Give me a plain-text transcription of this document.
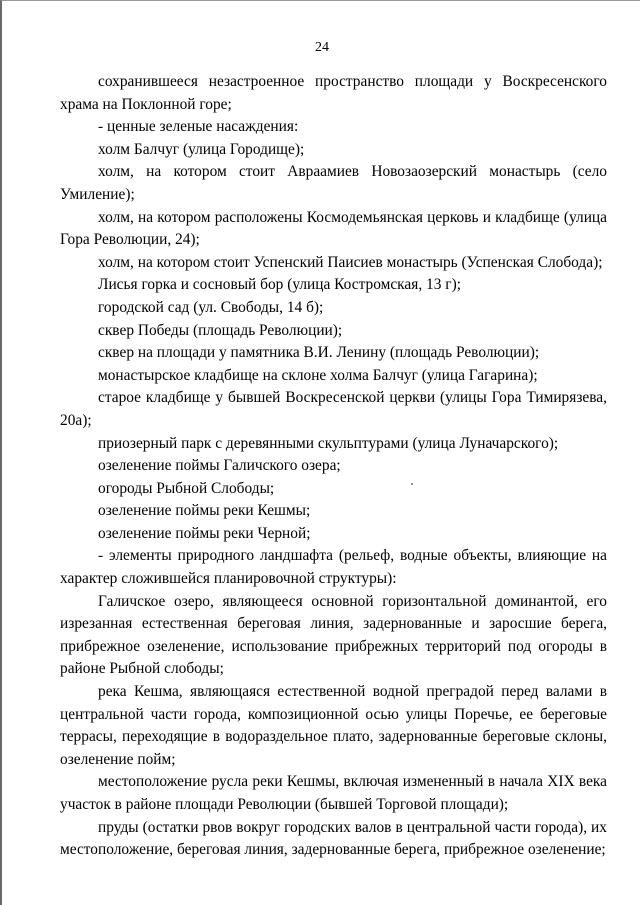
24

сохранившееся незастроенное пространство площади у Воскресенского храма на Поклонной горе;

- ценные зеленые насаждения:

холм Балчуг (улица Городище);

холм, на котором стоит Авраамиев Новозаозерский монастырь (село Умиление);

холм, на котором расположены Космодемьянская церковь и кладбище (улица Гора Революции, 24);

холм, на котором стоит Успенский Паисиев монастырь (Успенская Слобода);

Лисья горка и сосновый бор (улица Костромская, 13 г);

городской сад (ул. Свободы, 14 б);

сквер Победы (площадь Революции);

сквер на площади у памятника В.И. Ленину (площадь Революции);

монастырское кладбище на склоне холма Балчуг (улица Гагарина);

старое кладбище у бывшей Воскресенской церкви (улицы Гора Тимирязева, 20а);

приозерный парк с деревянными скульптурами (улица Луначарского);

озеленение поймы Галичского озера;

огороды Рыбной Слободы;

озеленение поймы реки Кешмы;

озеленение поймы реки Черной;

- элементы природного ландшафта (рельеф, водные объекты, влияющие на характер сложившейся планировочной структуры):

Галичское озеро, являющееся основной горизонтальной доминантой, его изрезанная естественная береговая линия, задернованные и заросшие берега, прибрежное озеленение, использование прибрежных территорий под огороды в районе Рыбной слободы;

река Кешма, являющаяся естественной водной преградой перед валами в центральной части города, композиционной осью улицы Поречье, ее береговые террасы, переходящие в водораздельное плато, задернованные береговые склоны, озеленение пойм;

местоположение русла реки Кешмы, включая измененный в начала XIX века участок в районе площади Революции (бывшей Торговой площади);

пруды (остатки рвов вокруг городских валов в центральной части города), их местоположение, береговая линия, задернованные берега, прибрежное озеленение;
